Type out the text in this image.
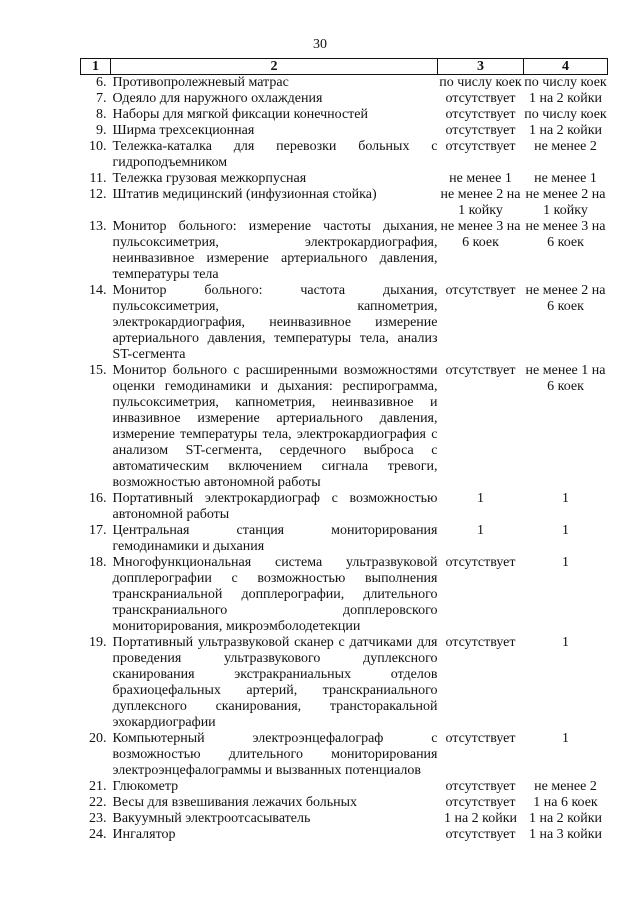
30
1	2	3	4
6.	Противопролежневый матрас	по числу коек	по числу коек
7.	Одеяло для наружного охлаждения	отсутствует	1 на 2 койки
8.	Наборы для мягкой фиксации конечностей	отсутствует	по числу коек
9.	Ширма трехсекционная	отсутствует	1 на 2 койки
10.	Тележка-каталка для перевозки больных с гидроподъемником	отсутствует	не менее 2
11.	Тележка грузовая межкорпусная	не менее 1	не менее 1
12.	Штатив медицинский (инфузионная стойка)	не менее 2 на 1 койку	не менее 2 на 1 койку
13.	Монитор больного: измерение частоты дыхания, пульсоксиметрия, электрокардиография, неинвазивное измерение артериального давления, температуры тела	не менее 3 на 6 коек	не менее 3 на 6 коек
14.	Монитор больного: частота дыхания, пульсоксиметрия, капнометрия, электрокардиография, неинвазивное измерение артериального давления, температуры тела, анализ ST-сегмента	отсутствует	не менее 2 на 6 коек
15.	Монитор больного с расширенными возможностями оценки гемодинамики и дыхания: респирограмма, пульсоксиметрия, капнометрия, неинвазивное и инвазивное измерение артериального давления, измерение температуры тела, электрокардиография с анализом ST-сегмента, сердечного выброса с автоматическим включением сигнала тревоги, возможностью автономной работы	отсутствует	не менее 1 на 6 коек
16.	Портативный электрокардиограф с возможностью автономной работы	1	1
17.	Центральная станция мониторирования гемодинамики и дыхания	1	1
18.	Многофункциональная система ультразвуковой допплерографии с возможностью выполнения транскраниальной допплерографии, длительного транскраниального допплеровского мониторирования, микроэмболодетекции	отсутствует	1
19.	Портативный ультразвуковой сканер с датчиками для проведения ультразвукового дуплексного сканирования экстракраниальных отделов брахиоцефальных артерий, транскраниального дуплексного сканирования, трансторакальной эхокардиографии	отсутствует	1
20.	Компьютерный электроэнцефалограф с возможностью длительного мониторирования электроэнцефалограммы и вызванных потенциалов	отсутствует	1
21.	Глюкометр	отсутствует	не менее 2
22.	Весы для взвешивания лежачих больных	отсутствует	1 на 6 коек
23.	Вакуумный электроотсасыватель	1 на 2 койки	1 на 2 койки
24.	Ингалятор	отсутствует	1 на 3 койки
